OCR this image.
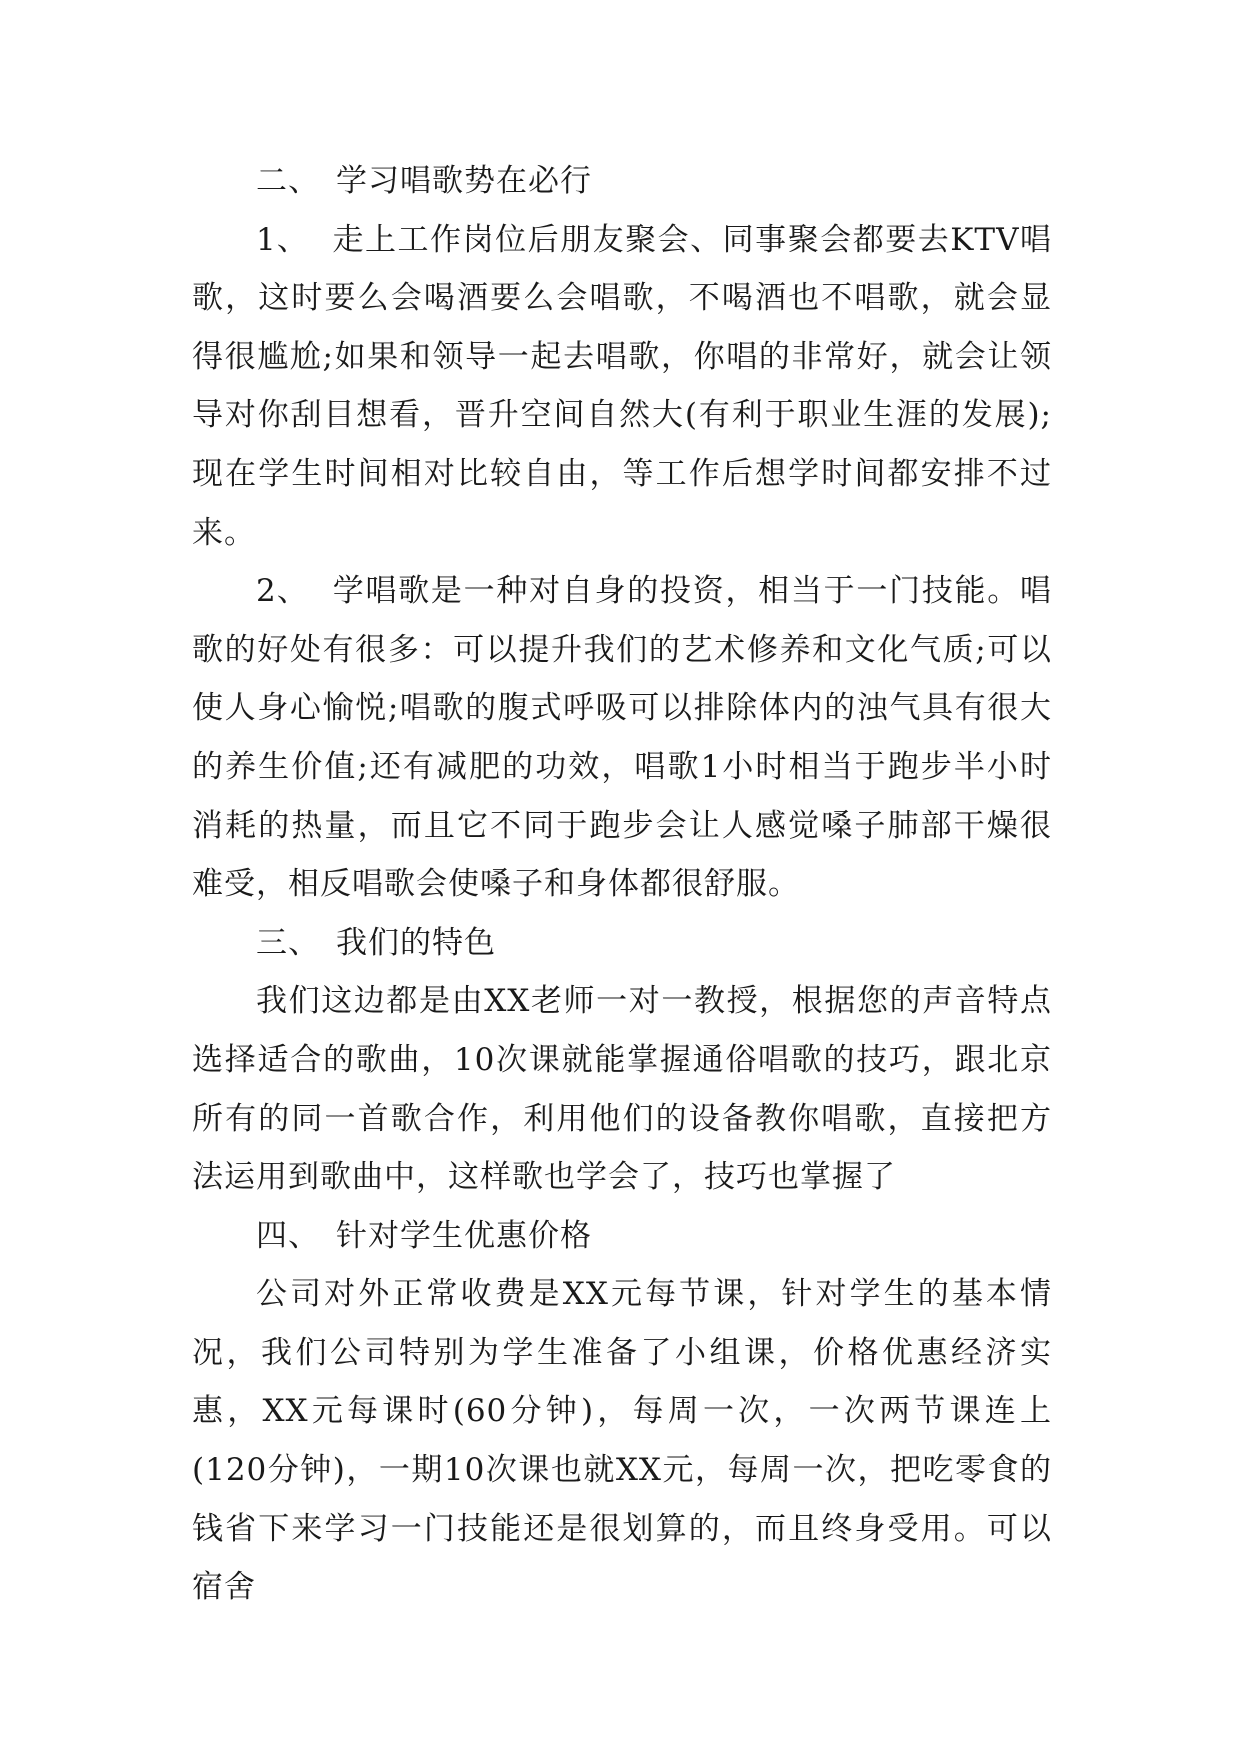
二、 学习唱歌势在必行

1、 走上工作岗位后朋友聚会、同事聚会都要去KTV唱歌，这时要么会喝酒要么会唱歌，不喝酒也不唱歌，就会显得很尴尬;如果和领导一起去唱歌，你唱的非常好，就会让领导对你刮目想看，晋升空间自然大(有利于职业生涯的发展);现在学生时间相对比较自由，等工作后想学时间都安排不过来。

2、 学唱歌是一种对自身的投资，相当于一门技能。唱歌的好处有很多：可以提升我们的艺术修养和文化气质;可以使人身心愉悦;唱歌的腹式呼吸可以排除体内的浊气具有很大的养生价值;还有减肥的功效，唱歌1小时相当于跑步半小时消耗的热量，而且它不同于跑步会让人感觉嗓子肺部干燥很难受，相反唱歌会使嗓子和身体都很舒服。

三、 我们的特色

我们这边都是由XX老师一对一教授，根据您的声音特点选择适合的歌曲，10次课就能掌握通俗唱歌的技巧，跟北京所有的同一首歌合作，利用他们的设备教你唱歌，直接把方法运用到歌曲中，这样歌也学会了，技巧也掌握了

四、 针对学生优惠价格

公司对外正常收费是XX元每节课，针对学生的基本情况，我们公司特别为学生准备了小组课，价格优惠经济实惠，XX元每课时(60分钟)，每周一次，一次两节课连上(120分钟)，一期10次课也就XX元，每周一次，把吃零食的钱省下来学习一门技能还是很划算的，而且终身受用。可以宿舍
